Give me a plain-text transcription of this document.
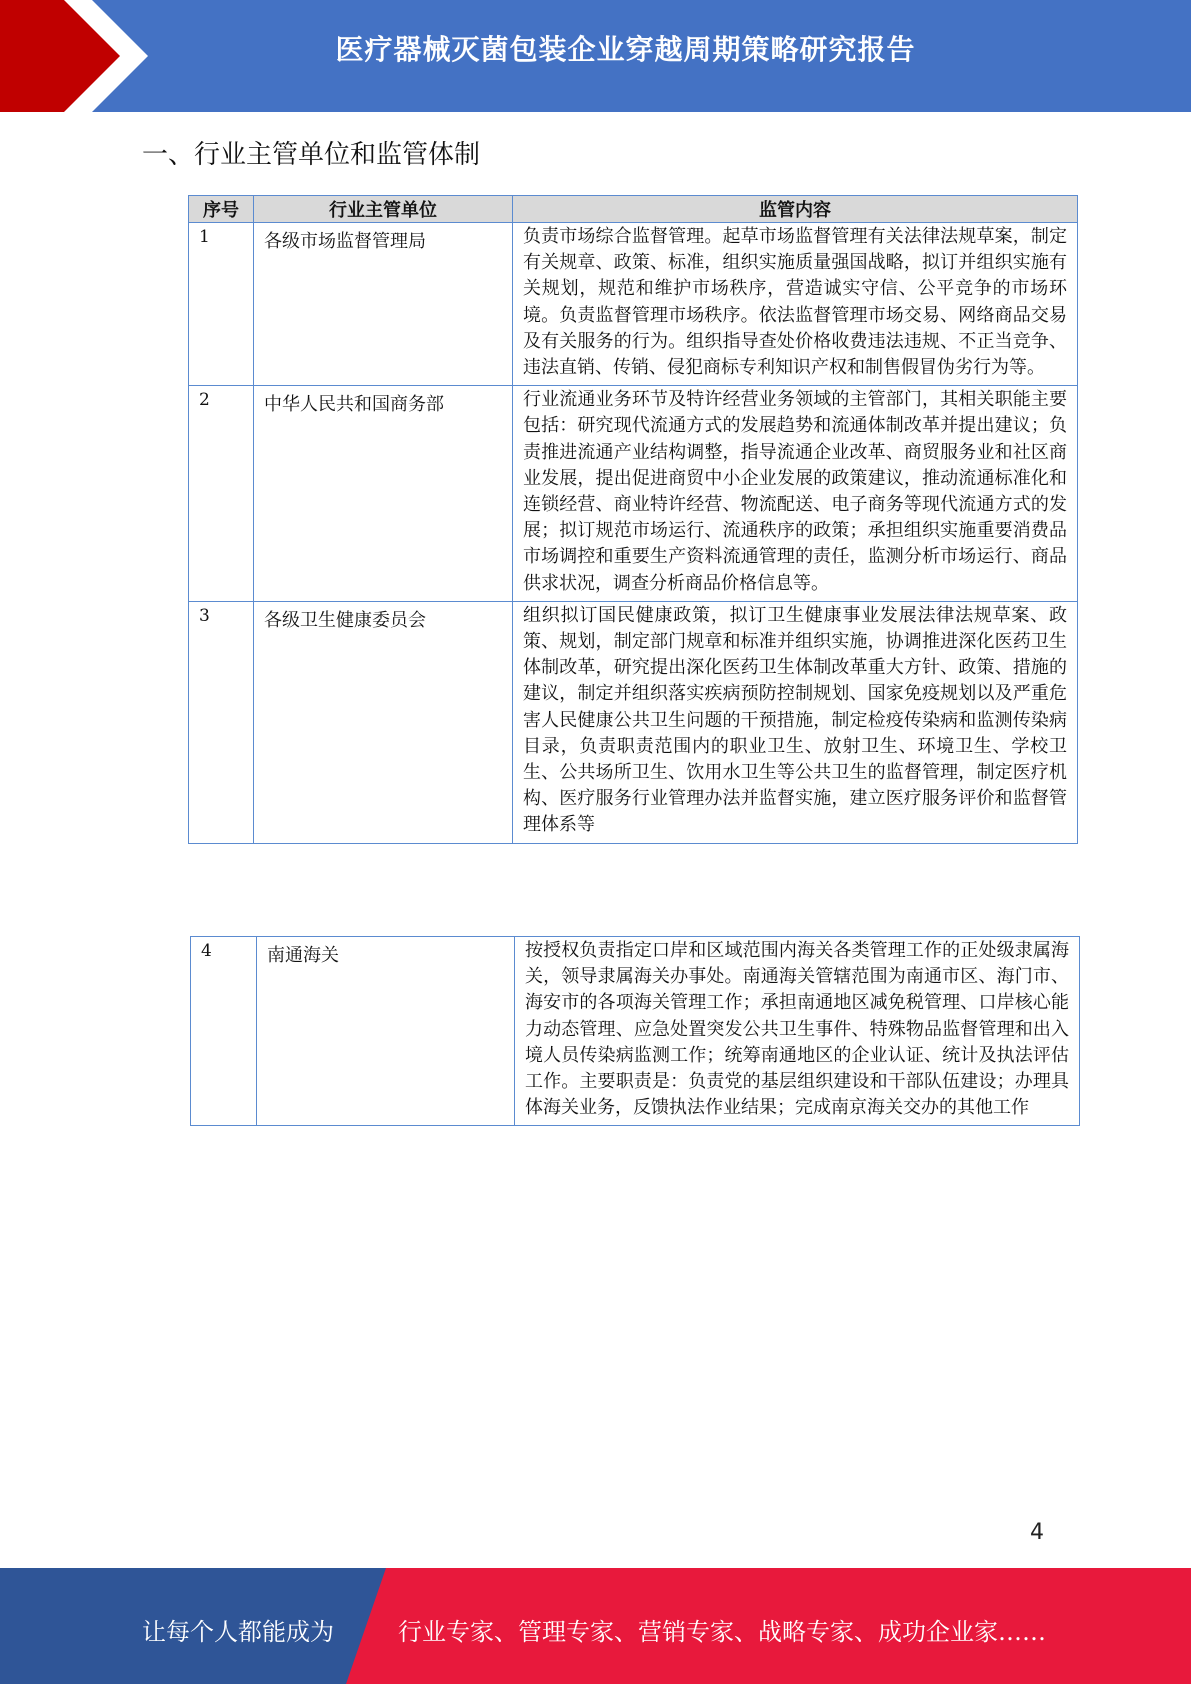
医疗器械灭菌包装企业穿越周期策略研究报告
一、行业主管单位和监管体制
序号	行业主管单位	监管内容
1	各级市场监督管理局	负责市场综合监督管理。起草市场监督管理有关法律法规草案，制定有关规章、政策、标准，组织实施质量强国战略，拟订并组织实施有关规划，规范和维护市场秩序，营造诚实守信、公平竞争的市场环境。负责监督管理市场秩序。依法监督管理市场交易、网络商品交易及有关服务的行为。组织指导查处价格收费违法违规、不正当竞争、违法直销、传销、侵犯商标专利知识产权和制售假冒伪劣行为等。
2	中华人民共和国商务部	行业流通业务环节及特许经营业务领域的主管部门，其相关职能主要包括：研究现代流通方式的发展趋势和流通体制改革并提出建议；负责推进流通产业结构调整，指导流通企业改革、商贸服务业和社区商业发展，提出促进商贸中小企业发展的政策建议，推动流通标准化和连锁经营、商业特许经营、物流配送、电子商务等现代流通方式的发展；拟订规范市场运行、流通秩序的政策；承担组织实施重要消费品市场调控和重要生产资料流通管理的责任，监测分析市场运行、商品供求状况，调查分析商品价格信息等。
3	各级卫生健康委员会	组织拟订国民健康政策，拟订卫生健康事业发展法律法规草案、政策、规划，制定部门规章和标准并组织实施，协调推进深化医药卫生体制改革，研究提出深化医药卫生体制改革重大方针、政策、措施的建议，制定并组织落实疾病预防控制规划、国家免疫规划以及严重危害人民健康公共卫生问题的干预措施，制定检疫传染病和监测传染病目录，负责职责范围内的职业卫生、放射卫生、环境卫生、学校卫生、公共场所卫生、饮用水卫生等公共卫生的监督管理，制定医疗机构、医疗服务行业管理办法并监督实施，建立医疗服务评价和监督管理体系等
4	南通海关	按授权负责指定口岸和区域范围内海关各类管理工作的正处级隶属海关，领导隶属海关办事处。南通海关管辖范围为南通市区、海门市、海安市的各项海关管理工作；承担南通地区减免税管理、口岸核心能力动态管理、应急处置突发公共卫生事件、特殊物品监督管理和出入境人员传染病监测工作；统筹南通地区的企业认证、统计及执法评估工作。主要职责是：负责党的基层组织建设和干部队伍建设；办理具体海关业务，反馈执法作业结果；完成南京海关交办的其他工作
4
让每个人都能成为	行业专家、管理专家、营销专家、战略专家、成功企业家……
